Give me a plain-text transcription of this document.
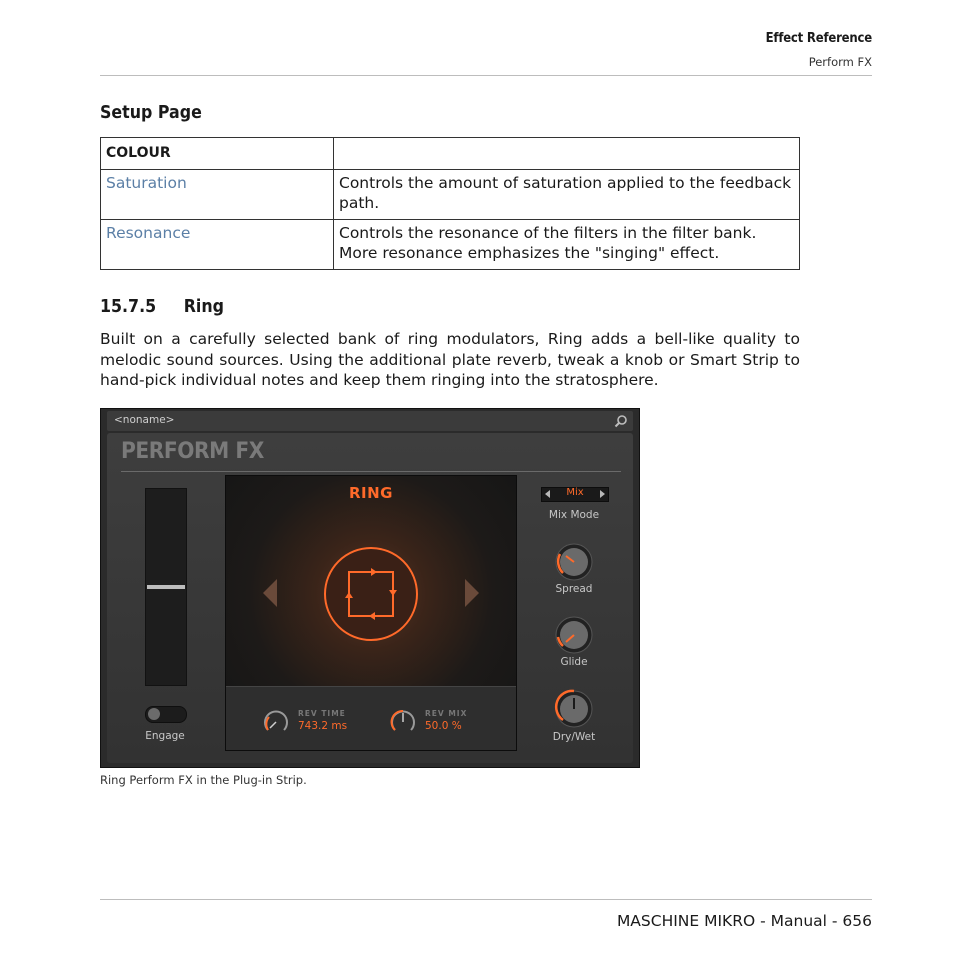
Effect Reference
Perform FX
Setup Page
COLOUR	
Saturation	Controls the amount of saturation applied to the feedback path.
Resonance	Controls the resonance of the filters in the filter bank. More resonance emphasizes the "singing" effect.
15.7.5 Ring
Built on a carefully selected bank of ring modulators, Ring adds a bell-like quality to melodic sound sources. Using the additional plate reverb, tweak a knob or Smart Strip to hand-pick individual notes and keep them ringing into the stratosphere.
<noname>
PERFORM FX
Engage
RING
REV TIME
743.2 ms
REV MIX
50.0 %
Mix
Mix Mode
Spread
Glide
Dry/Wet
Ring Perform FX in the Plug-in Strip.
MASCHINE MIKRO - Manual - 656
